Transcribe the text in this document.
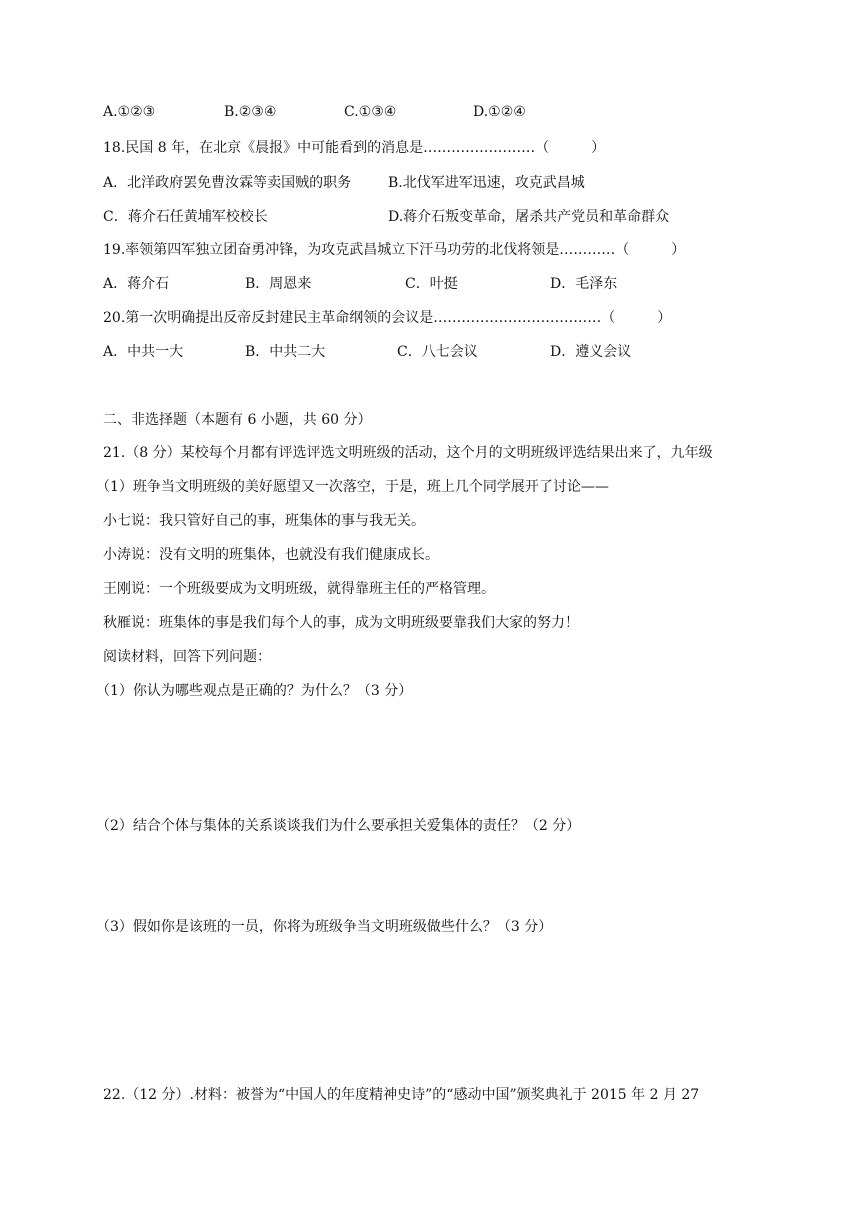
A.①②③	B.②③④	C.①③④	D.①②④
18.民国 8 年，在北京《晨报》中可能看到的消息是……………………（　　　）
A．北洋政府罢免曹汝霖等卖国贼的职务	B.北伐军进军迅速，攻克武昌城
C．蒋介石任黄埔军校校长	D.蒋介石叛变革命，屠杀共产党员和革命群众
19.率领第四军独立团奋勇冲锋，为攻克武昌城立下汗马功劳的北伐将领是…………（　　　）
A．蒋介石	B．周恩来	C．叶挺	D．毛泽东
20.第一次明确提出反帝反封建民主革命纲领的会议是………………………………（　　　）
A．中共一大	B．中共二大	C．八七会议	D．遵义会议
二、非选择题（本题有 6 小题，共 60 分）
21.（8 分）某校每个月都有评选评选文明班级的活动，这个月的文明班级评选结果出来了，九年级
（1）班争当文明班级的美好愿望又一次落空，于是，班上几个同学展开了讨论——
小七说：我只管好自己的事，班集体的事与我无关。
小涛说：没有文明的班集体，也就没有我们健康成长。
王刚说：一个班级要成为文明班级，就得靠班主任的严格管理。
秋雁说：班集体的事是我们每个人的事，成为文明班级要靠我们大家的努力！
阅读材料，回答下列问题：
（1）你认为哪些观点是正确的？为什么？（3 分）
（2）结合个体与集体的关系谈谈我们为什么要承担关爱集体的责任？（2 分）
（3）假如你是该班的一员，你将为班级争当文明班级做些什么？（3 分）
22.（12 分）.材料：被誉为“中国人的年度精神史诗”的“感动中国”颁奖典礼于 2015 年 2 月 27
